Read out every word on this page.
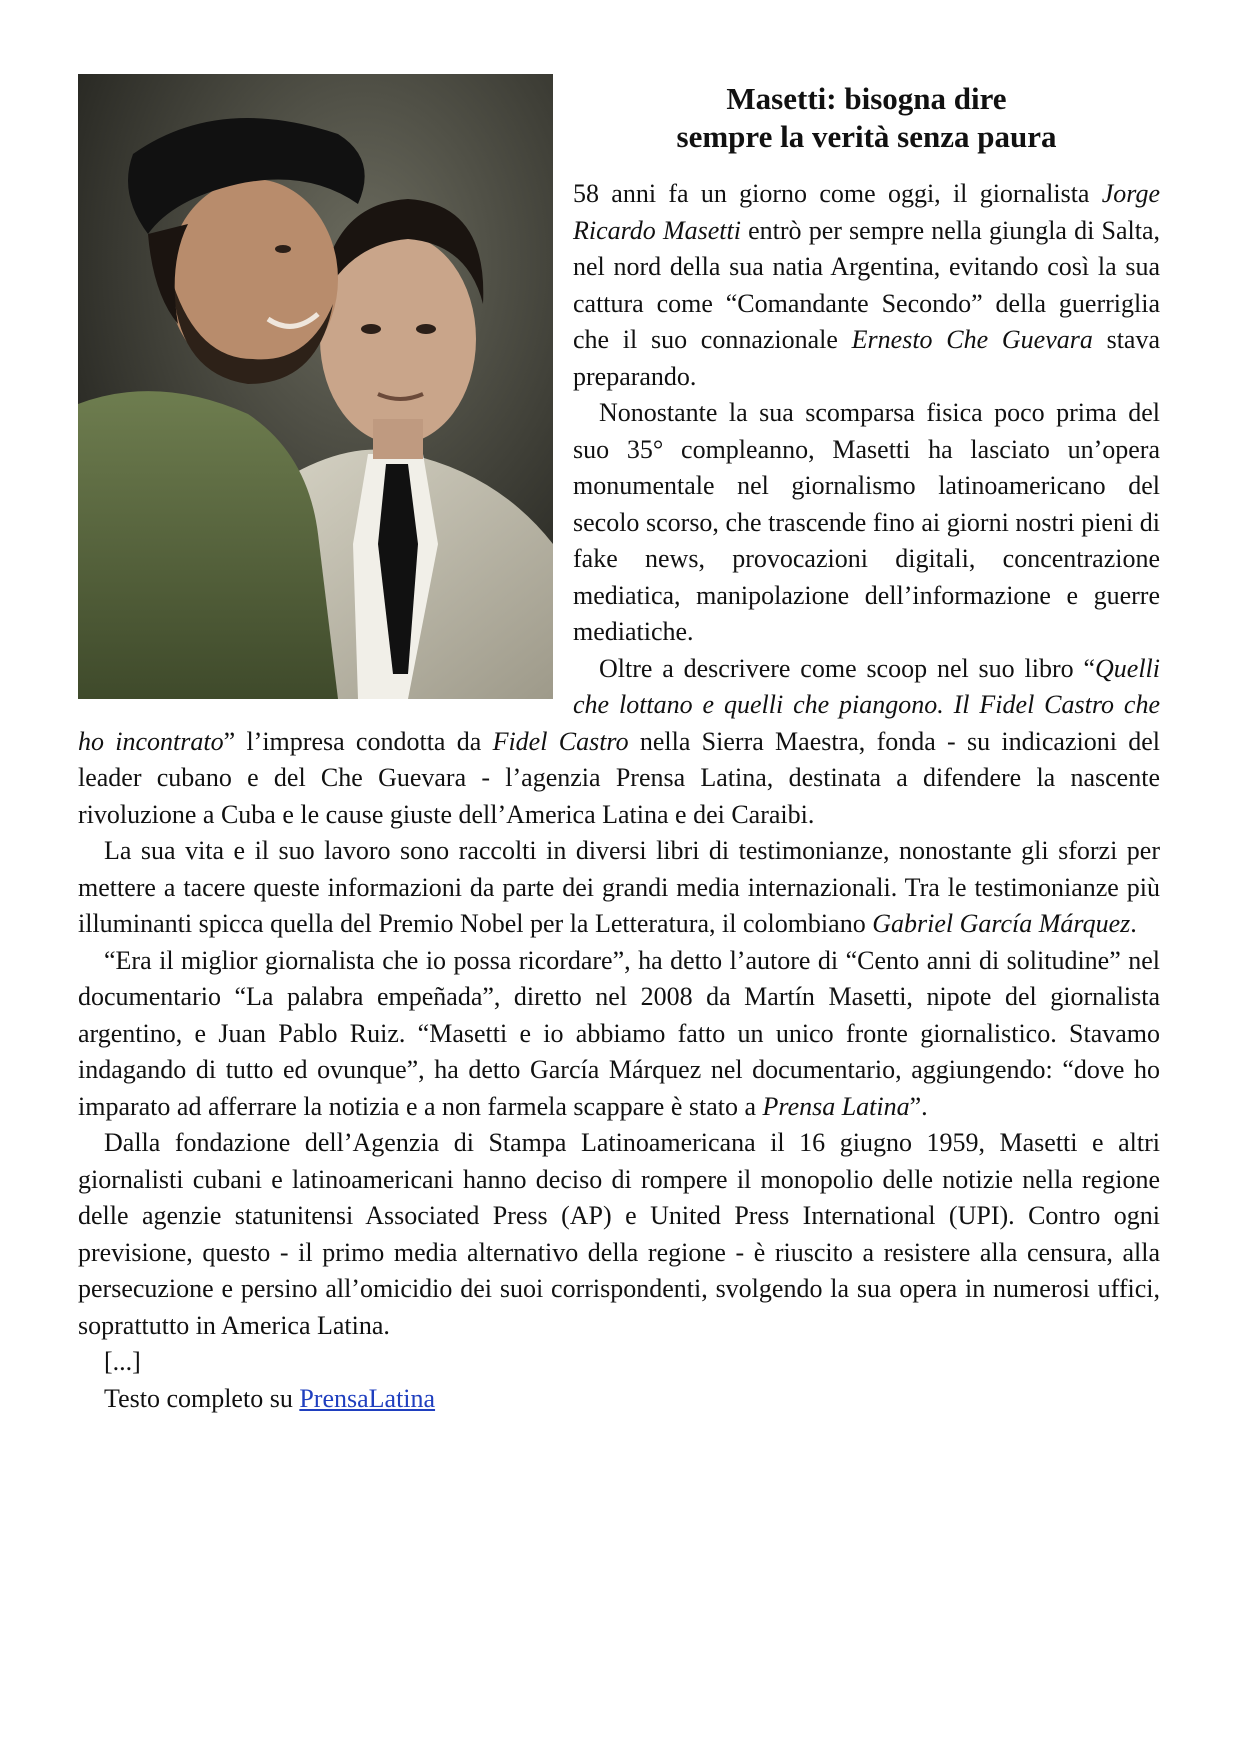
Masetti: bisogna dire
sempre la verità senza paura

58 anni fa un giorno come oggi, il giornalista Jorge Ricardo Masetti entrò per sempre nella giungla di Salta, nel nord della sua natia Argentina, evitando così la sua cattura come “Comandante Secondo” della guerriglia che il suo connazionale Ernesto Che Guevara stava preparando.

Nonostante la sua scomparsa fisica poco prima del suo 35° compleanno, Masetti ha lasciato un’opera monumentale nel giornalismo latinoamericano del secolo scorso, che trascende fino ai giorni nostri pieni di fake news, provocazioni digitali, concentrazione mediatica, manipolazione dell’informazione e guerre mediatiche.

Oltre a descrivere come scoop nel suo libro “Quelli che lottano e quelli che piangono. Il Fidel Castro che ho incontrato” l’impresa condotta da Fidel Castro nella Sierra Maestra, fonda - su indicazioni del leader cubano e del Che Guevara - l’agenzia Prensa Latina, destinata a difendere la nascente rivoluzione a Cuba e le cause giuste dell’America Latina e dei Caraibi.

La sua vita e il suo lavoro sono raccolti in diversi libri di testimonianze, nonostante gli sforzi per mettere a tacere queste informazioni da parte dei grandi media internazionali. Tra le testimonianze più illuminanti spicca quella del Premio Nobel per la Letteratura, il colombiano Gabriel García Márquez.

“Era il miglior giornalista che io possa ricordare”, ha detto l’autore di “Cento anni di solitudine” nel documentario “La palabra empeñada”, diretto nel 2008 da Martín Masetti, nipote del giornalista argentino, e Juan Pablo Ruiz. “Masetti e io abbiamo fatto un unico fronte giornalistico. Stavamo indagando di tutto ed ovunque”, ha detto García Márquez nel documentario, aggiungendo: “dove ho imparato ad afferrare la notizia e a non farmela scappare è stato a Prensa Latina”.

Dalla fondazione dell’Agenzia di Stampa Latinoamericana il 16 giugno 1959, Masetti e altri giornalisti cubani e latinoamericani hanno deciso di rompere il monopolio delle notizie nella regione delle agenzie statunitensi Associated Press (AP) e United Press International (UPI). Contro ogni previsione, questo - il primo media alternativo della regione - è riuscito a resistere alla censura, alla persecuzione e persino all’omicidio dei suoi corrispondenti, svolgendo la sua opera in numerosi uffici, soprattutto in America Latina.

[...]

Testo completo su PrensaLatina
